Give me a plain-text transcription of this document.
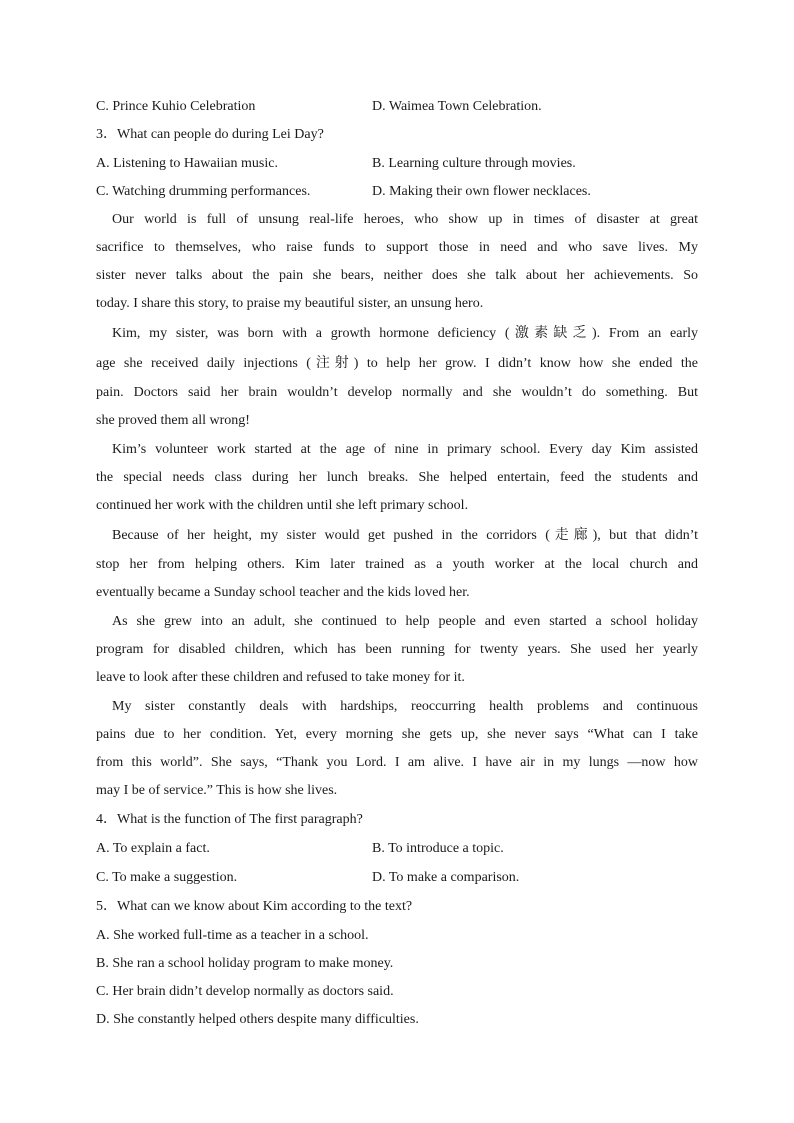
C. Prince Kuhio Celebration	D. Waimea Town Celebration.
3．What can people do during Lei Day?
A. Listening to Hawaiian music.	B. Learning culture through movies.
C. Watching drumming performances.	D. Making their own flower necklaces.
Our world is full of unsung real-life heroes, who show up in times of disaster at great
sacrifice to themselves, who raise funds to support those in need and who save lives. My
sister never talks about the pain she bears, neither does she talk about her achievements. So
today. I share this story, to praise my beautiful sister, an unsung hero.
Kim, my sister, was born with a growth hormone deficiency (激素缺乏). From an early
age she received daily injections (注射) to help her grow. I didn’t know how she ended the
pain. Doctors said her brain wouldn’t develop normally and she wouldn’t do something. But
she proved them all wrong!
Kim’s volunteer work started at the age of nine in primary school. Every day Kim assisted
the special needs class during her lunch breaks. She helped entertain, feed the students and
continued her work with the children until she left primary school.
Because of her height, my sister would get pushed in the corridors (走廊), but that didn’t
stop her from helping others. Kim later trained as a youth worker at the local church and
eventually became a Sunday school teacher and the kids loved her.
As she grew into an adult, she continued to help people and even started a school holiday
program for disabled children, which has been running for twenty years. She used her yearly
leave to look after these children and refused to take money for it.
My sister constantly deals with hardships, reoccurring health problems and continuous
pains due to her condition. Yet, every morning she gets up, she never says “What can I take
from this world”. She says, “Thank you Lord. I am alive. I have air in my lungs —now how
may I be of service.” This is how she lives.
4．What is the function of The first paragraph?
A. To explain a fact.	B. To introduce a topic.
C. To make a suggestion.	D. To make a comparison.
5．What can we know about Kim according to the text?
A. She worked full-time as a teacher in a school.
B. She ran a school holiday program to make money.
C. Her brain didn’t develop normally as doctors said.
D. She constantly helped others despite many difficulties.
